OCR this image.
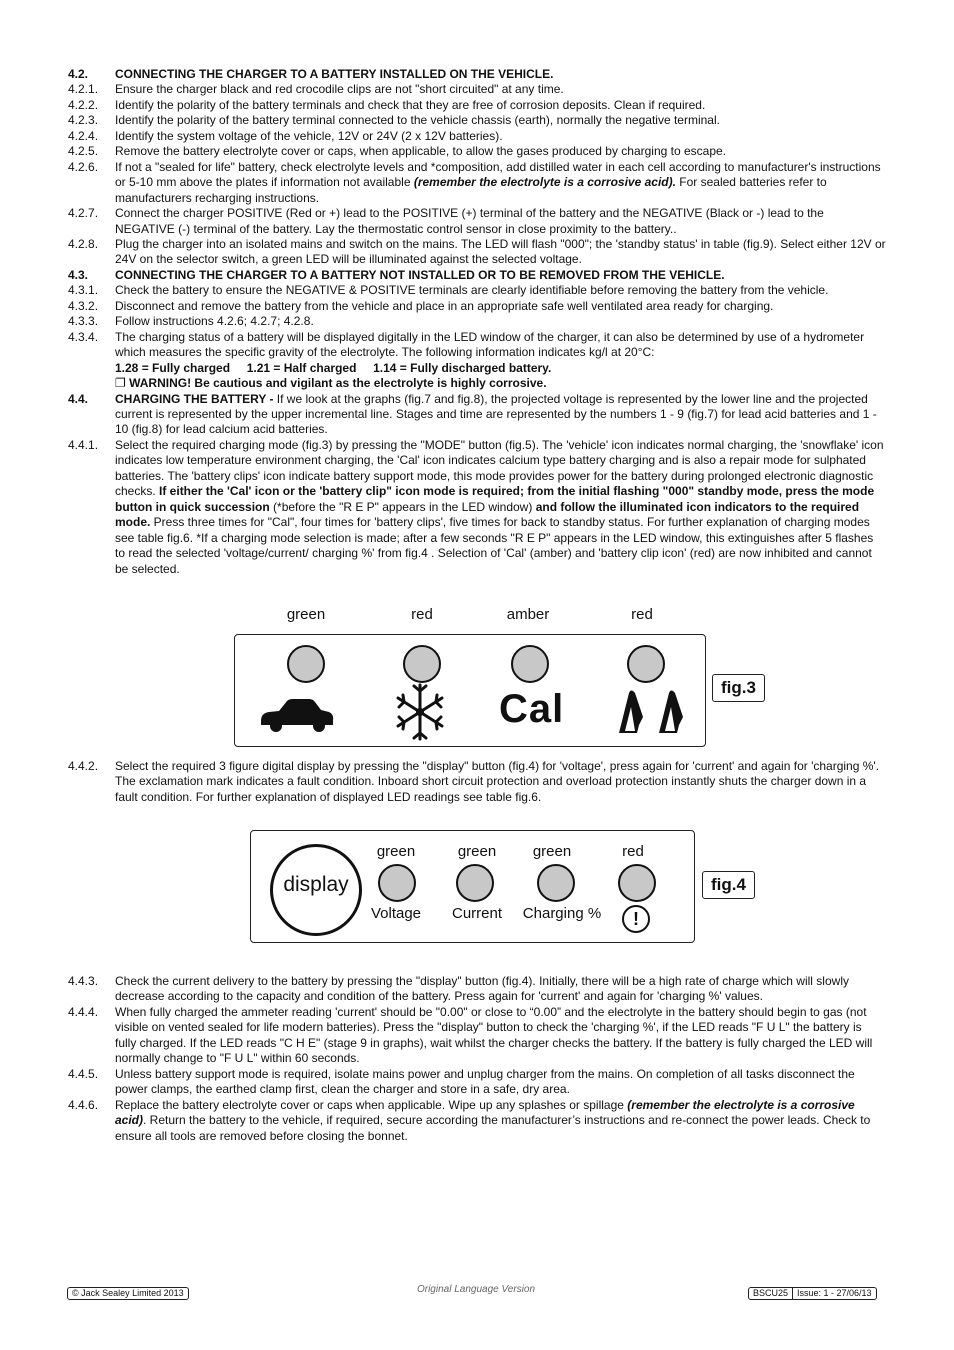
4.2. CONNECTING THE CHARGER TO A BATTERY INSTALLED ON THE VEHICLE.
4.2.1. Ensure the charger black and red crocodile clips are not "short circuited" at any time.
4.2.2. Identify the polarity of the battery terminals and check that they are free of corrosion deposits. Clean if required.
4.2.3. Identify the polarity of the battery terminal connected to the vehicle chassis (earth), normally the negative terminal.
4.2.4. Identify the system voltage of the vehicle, 12V or 24V (2 x 12V batteries).
4.2.5. Remove the battery electrolyte cover or caps, when applicable, to allow the gases produced by charging to escape.
4.2.6. If not a "sealed for life" battery, check electrolyte levels and *composition, add distilled water in each cell according to manufacturer's instructions or 5-10 mm above the plates if information not available (remember the electrolyte is a corrosive acid). For sealed batteries refer to manufacturers recharging instructions.
4.2.7. Connect the charger POSITIVE (Red or +) lead to the POSITIVE (+) terminal of the battery and the NEGATIVE (Black or -) lead to the NEGATIVE (-) terminal of the battery. Lay the thermostatic control sensor in close proximity to the battery..
4.2.8. Plug the charger into an isolated mains and switch on the mains. The LED will flash "000"; the 'standby status' in table (fig.9). Select either 12V or 24V on the selector switch, a green LED will be illuminated against the selected voltage.
4.3. CONNECTING THE CHARGER TO A BATTERY NOT INSTALLED OR TO BE REMOVED FROM THE VEHICLE.
4.3.1. Check the battery to ensure the NEGATIVE & POSITIVE terminals are clearly identifiable before removing the battery from the vehicle.
4.3.2. Disconnect and remove the battery from the vehicle and place in an appropriate safe well ventilated area ready for charging.
4.3.3. Follow instructions 4.2.6; 4.2.7; 4.2.8.
4.3.4. The charging status of a battery will be displayed digitally in the LED window of the charger, it can also be determined by use of a hydrometer which measures the specific gravity of the electrolyte. The following information indicates kg/l at 20°C:
1.28 = Fully charged     1.21 = Half charged     1.14 = Fully discharged battery.
❐ WARNING! Be cautious and vigilant as the electrolyte is highly corrosive.
4.4. CHARGING THE BATTERY - If we look at the graphs (fig.7 and fig.8), the projected voltage is represented by the lower line and the projected current is represented by the upper incremental line. Stages and time are represented by the numbers 1 - 9 (fig.7) for lead acid batteries and 1 - 10 (fig.8) for lead calcium acid batteries.
4.4.1. Select the required charging mode (fig.3) by pressing the "MODE" button (fig.5). The 'vehicle' icon indicates normal charging, the 'snowflake' icon indicates low temperature environment charging, the 'Cal' icon indicates calcium type battery charging and is also a repair mode for sulphated batteries. The 'battery clips' icon indicate battery support mode, this mode provides power for the battery during prolonged electronic diagnostic checks. If either the 'Cal' icon or the 'battery clip" icon mode is required; from the initial flashing "000" standby mode, press the mode button in quick succession (*before the "R E P" appears in the LED window) and follow the illuminated icon indicators to the required mode. Press three times for "Cal", four times for 'battery clips', five times for back to standby status. For further explanation of charging modes see table fig.6. *If a charging mode selection is made; after a few seconds "R E P" appears in the LED window, this extinguishes after 5 flashes to read the selected 'voltage/current/ charging %' from fig.4 . Selection of 'Cal' (amber) and 'battery clip icon' (red) are now inhibited and cannot be selected.
green	red	amber	red
Cal	fig.3
4.4.2. Select the required 3 figure digital display by pressing the "display" button (fig.4) for 'voltage', press again for 'current' and again for 'charging %'. The exclamation mark indicates a fault condition. Inboard short circuit protection and overload protection instantly shuts the charger down in a fault condition. For further explanation of displayed LED readings see table fig.6.
display
green	green	green	red
Voltage	Current	Charging %	!
fig.4
4.4.3. Check the current delivery to the battery by pressing the "display" button (fig.4). Initially, there will be a high rate of charge which will slowly decrease according to the capacity and condition of the battery. Press again for 'current' and again for 'charging %' values.
4.4.4. When fully charged the ammeter reading 'current' should be "0.00" or close to “0.00” and the electrolyte in the battery should begin to gas (not visible on vented sealed for life modern batteries). Press the "display" button to check the 'charging %', if the LED reads "F U L" the battery is fully charged. If the LED reads "C H E" (stage 9 in graphs), wait whilst the charger checks the battery. If the battery is fully charged the LED will normally change to "F U L" within 60 seconds.
4.4.5. Unless battery support mode is required, isolate mains power and unplug charger from the mains. On completion of all tasks disconnect the power clamps, the earthed clamp first, clean the charger and store in a safe, dry area.
4.4.6. Replace the battery electrolyte cover or caps when applicable. Wipe up any splashes or spillage (remember the electrolyte is a corrosive acid). Return the battery to the vehicle, if required, secure according the manufacturer’s instructions and re-connect the power leads. Check to ensure all tools are removed before closing the bonnet.
© Jack Sealey Limited 2013	Original Language Version	BSCU25	Issue: 1 - 27/06/13
